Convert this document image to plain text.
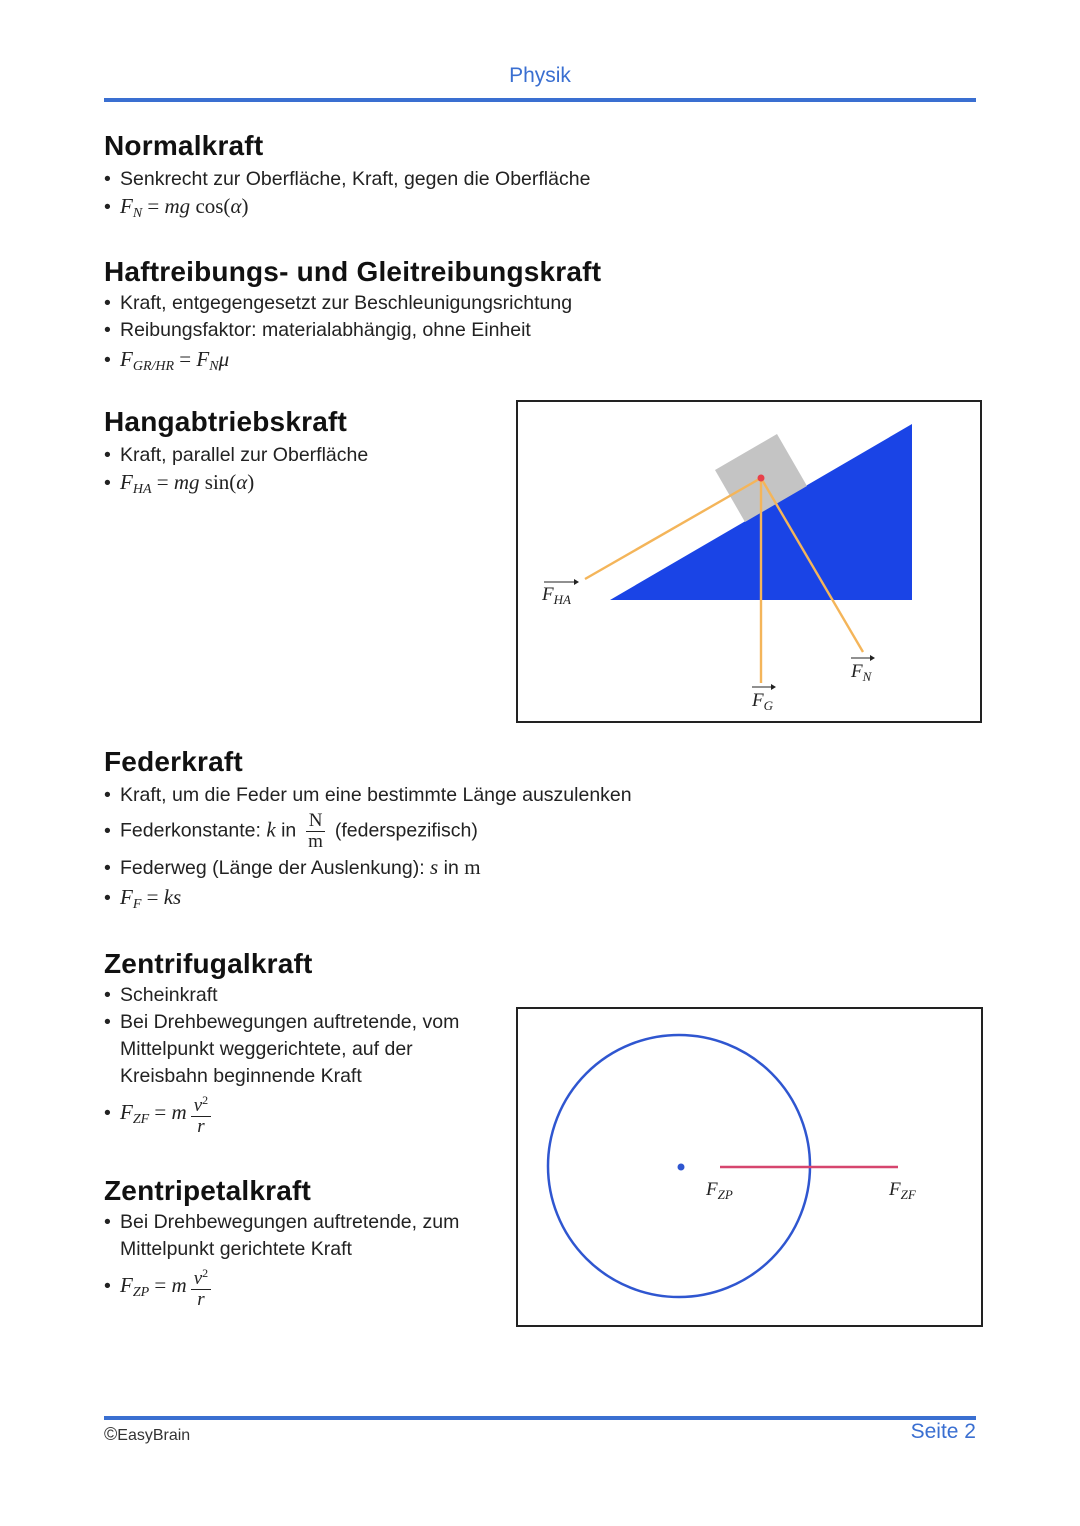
Physik
Normalkraft
• Senkrecht zur Oberfläche, Kraft, gegen die Oberfläche
• $F_N$ = mg cos(α)
Haftreibungs- und Gleitreibungskraft
• Kraft, entgegengesetzt zur Beschleunigungsrichtung
• Reibungsfaktor: materialabhängig, ohne Einheit
• $F_{GR/HR} = F_N\mu$
Hangabtriebskraft
• Kraft, parallel zur Oberfläche
• $F_{HA}$ = mg sin(α)
$F_{HA}$
$F_G$
$F_N$
Federkraft
• Kraft, um die Feder um eine bestimmte Länge auszulenken
• Federkonstante: k in $\frac{N}{m}$ (federspezifisch)
• Federweg (Länge der Auslenkung): s in m
• $F_F$ = ks
Zentrifugalkraft
• Scheinkraft
• Bei Drehbewegungen auftretende, vom
Mittelpunkt weggerichtete, auf der
Kreisbahn beginnende Kraft
• $F_{ZF} = m \frac{v^2}{r}$
Zentripetalkraft
• Bei Drehbewegungen auftretende, zum
Mittelpunkt gerichtete Kraft
• $F_{ZP} = m \frac{v^2}{r}$
$F_{ZP}$	$F_{ZF}$
©EasyBrain	Seite 2
